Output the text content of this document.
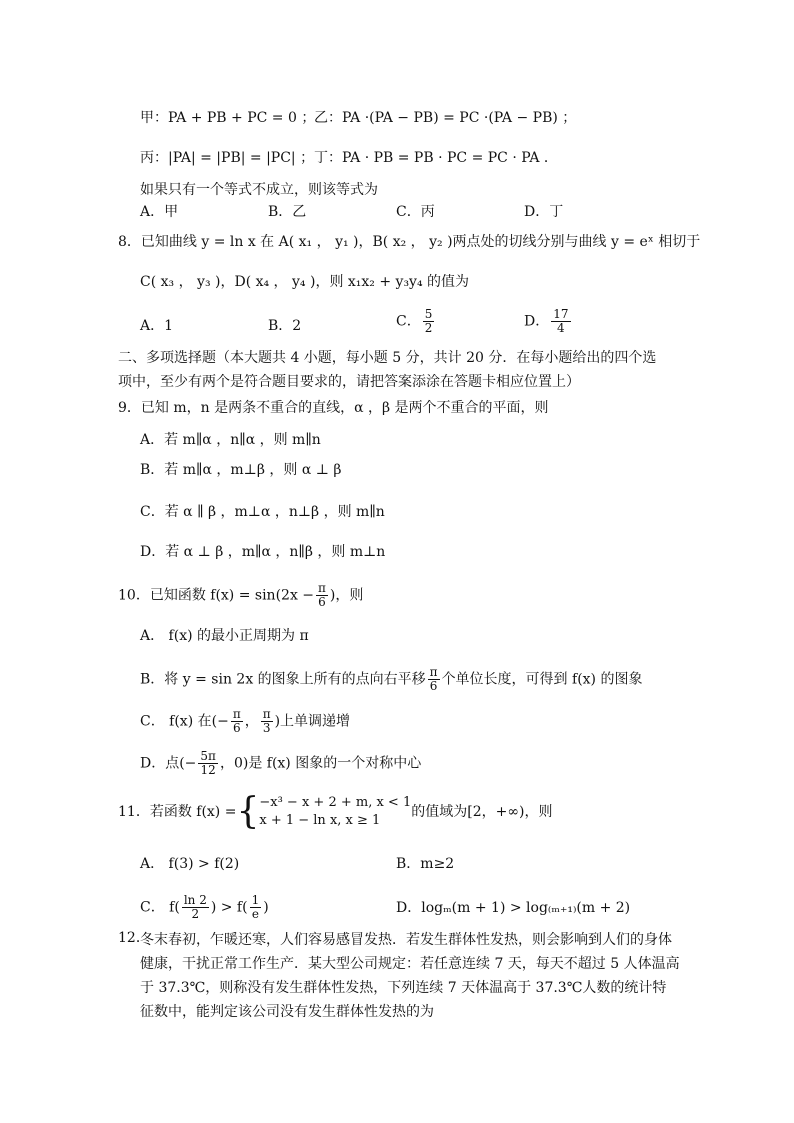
甲：PA + PB + PC = 0 ；
乙：PA ·(PA − PB) = PC ·(PA − PB) ；
丙：|PA| = |PB| = |PC| ； 丁：PA · PB = PB · PC = PC · PA ．
如果只有一个等式不成立，则该等式为
A．甲	B．乙	C．丙	D．丁
8．已知曲线 y = ln x 在 A( x₁ ， y₁ )，B( x₂ ， y₂ )两点处的切线分别与曲线 y = eˣ 相切于
C( x₃ ， y₃ )，D( x₄ ， y₄ )，则 x₁x₂ + y₃y₄ 的值为
A．1	B．2	C． $\frac{5}{2}$	D． $\frac{17}{4}$
二、多项选择题（本大题共 4 小题，每小题 5 分，共计 20 分．在每小题给出的四个选项中，至少有两个是符合题目要求的，请把答案添涂在答题卡相应位置上）
9．已知 m，n 是两条不重合的直线，α ，β 是两个不重合的平面，则
A．若 m∥α ，n∥α ，则 m∥n
B．若 m∥α ，m⊥β ，则 α ⊥ β
C．若 α ∥ β ，m⊥α ，n⊥β ，则 m∥n
D．若 α ⊥ β ，m∥α ，n∥β ，则 m⊥n
10．已知函数 $f(x) = \sin(2x - \frac{\pi}{6}$ )，则
A． f(x) 的最小正周期为 π
B．将 y = sin 2x 的图象上所有的点向右平移 $\frac{\pi}{6}$ 个单位长度，可得到 f(x) 的图象
C． f(x) 在(− $\frac{\pi}{6}$ ， $\frac{\pi}{3}$ )上单调递增
D．点(− $\frac{5\pi}{12}$ ，0)是 f(x) 图象的一个对称中心
11．若函数 f(x) ={ −x³ − x + 2 + m, x < 1
x + 1 − ln x, x ≥ 1
的值域为[2，+∞)，则
A． f(3) > f(2)	B．m≥2
C． $f( \frac{\ln 2}{2}$ ) > $f( \frac{1}{e}$ )	D．logₘ(m + 1) > log₍ₘ₊₁₎(m + 2)
12．
冬末春初，乍暖还寒，人们容易感冒发热．若发生群体性发热，则会影响到人们的身体健康，干扰正常工作生产．某大型公司规定：若任意连续 7 天，每天不超过 5 人体温高于 37.3℃，则称没有发生群体性发热，下列连续 7 天体温高于 37.3℃人数的统计特征数中，能判定该公司没有发生群体性发热的为
